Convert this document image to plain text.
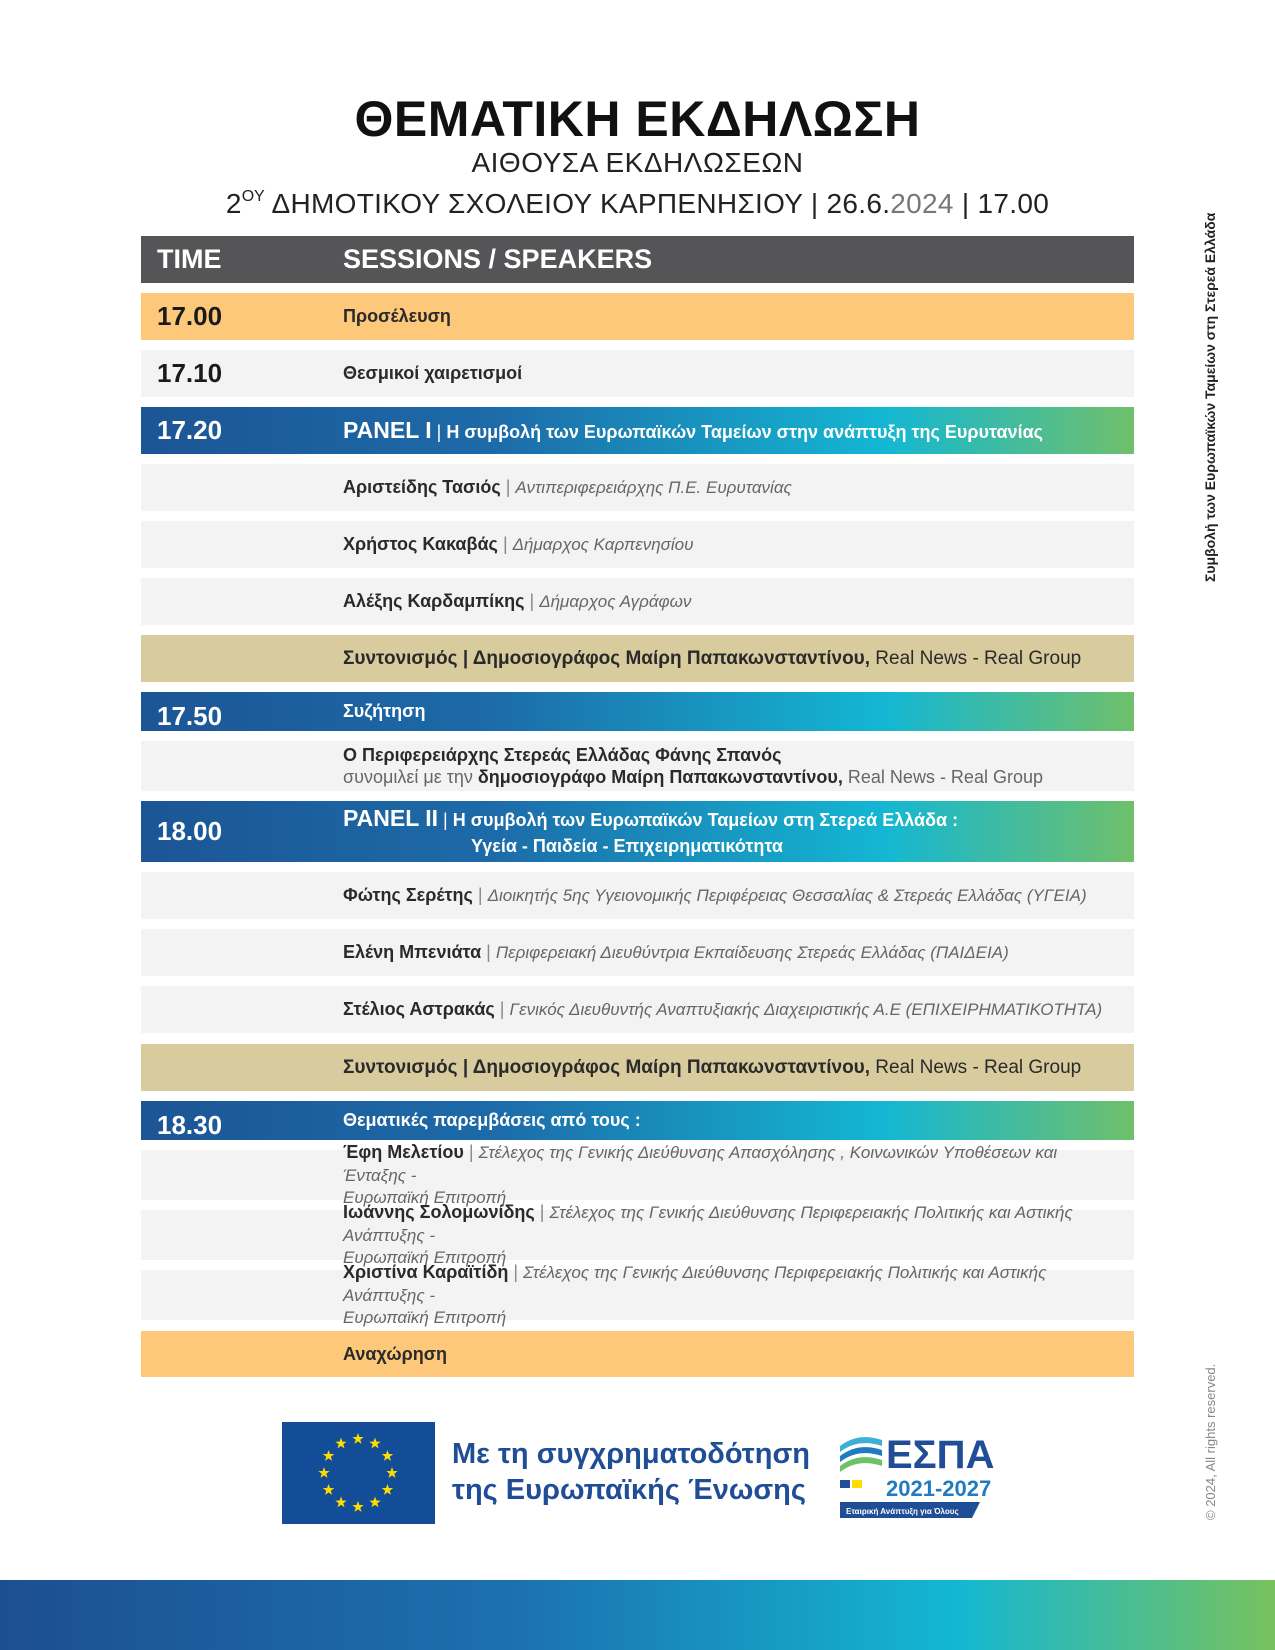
ΘΕΜΑΤΙΚΗ ΕΚΔΗΛΩΣΗ
ΑΙΘΟΥΣΑ ΕΚΔΗΛΩΣΕΩΝ
$2^{O\Upsilon}$ ΔΗΜΟΤΙΚΟΥ ΣΧΟΛΕΙΟΥ ΚΑΡΠΕΝΗΣΙΟΥ | 26.6.2024 | 17.00
TIME	SESSIONS / SPEAKERS
17.00	Προσέλευση
17.10	Θεσμικοί χαιρετισμοί
17.20	PANEL I | Η συμβολή των Ευρωπαϊκών Ταμείων στην ανάπτυξη της Ευρυτανίας
Αριστείδης Τασιός | Αντιπεριφερειάρχης Π.Ε. Ευρυτανίας
Χρήστος Κακαβάς | Δήμαρχος Καρπενησίου
Αλέξης Καρδαμπίκης | Δήμαρχος Αγράφων
Συντονισμός | Δημοσιογράφος Μαίρη Παπακωνσταντίνου, Real News - Real Group
17.50	Συζήτηση
Ο Περιφερειάρχης Στερεάς Ελλάδας Φάνης Σπανός
συνομιλεί με την δημοσιογράφο Μαίρη Παπακωνσταντίνου, Real News - Real Group
18.00	PANEL II | Η συμβολή των Ευρωπαϊκών Ταμείων στη Στερεά Ελλάδα :
Υγεία - Παιδεία - Επιχειρηματικότητα
Φώτης Σερέτης | Διοικητής 5ης Υγειονομικής Περιφέρειας Θεσσαλίας & Στερεάς Ελλάδας (ΥΓΕΙΑ)
Ελένη Μπενιάτα | Περιφερειακή Διευθύντρια Εκπαίδευσης Στερεάς Ελλάδας (ΠΑΙΔΕΙΑ)
Στέλιος Αστρακάς | Γενικός Διευθυντής Αναπτυξιακής Διαχειριστικής Α.Ε (ΕΠΙΧΕΙΡΗΜΑΤΙΚΟΤΗΤΑ)
Συντονισμός | Δημοσιογράφος Μαίρη Παπακωνσταντίνου, Real News - Real Group
18.30	Θεματικές παρεμβάσεις από τους :
Έφη Μελετίου | Στέλεχος της Γενικής Διεύθυνσης Απασχόλησης , Κοινωνικών Υποθέσεων και Ένταξης -
Ευρωπαϊκή Επιτροπή
Ιωάννης Σολομωνίδης | Στέλεχος της Γενικής Διεύθυνσης Περιφερειακής Πολιτικής και Αστικής Ανάπτυξης -
Ευρωπαϊκή Επιτροπή
Χριστίνα Καραϊτίδη | Στέλεχος της Γενικής Διεύθυνσης Περιφερειακής Πολιτικής και Αστικής Ανάπτυξης -
Ευρωπαϊκή Επιτροπή
Αναχώρηση
Συμβολή των Ευρωπαϊκών Ταμείων στη Στερεά Ελλάδα
© 2024, All rights reserved.
Με τη συγχρηματοδότηση
της Ευρωπαϊκής Ένωσης
ΕΣΠΑ
2021-2027
Εταιρική Ανάπτυξη για Όλους
